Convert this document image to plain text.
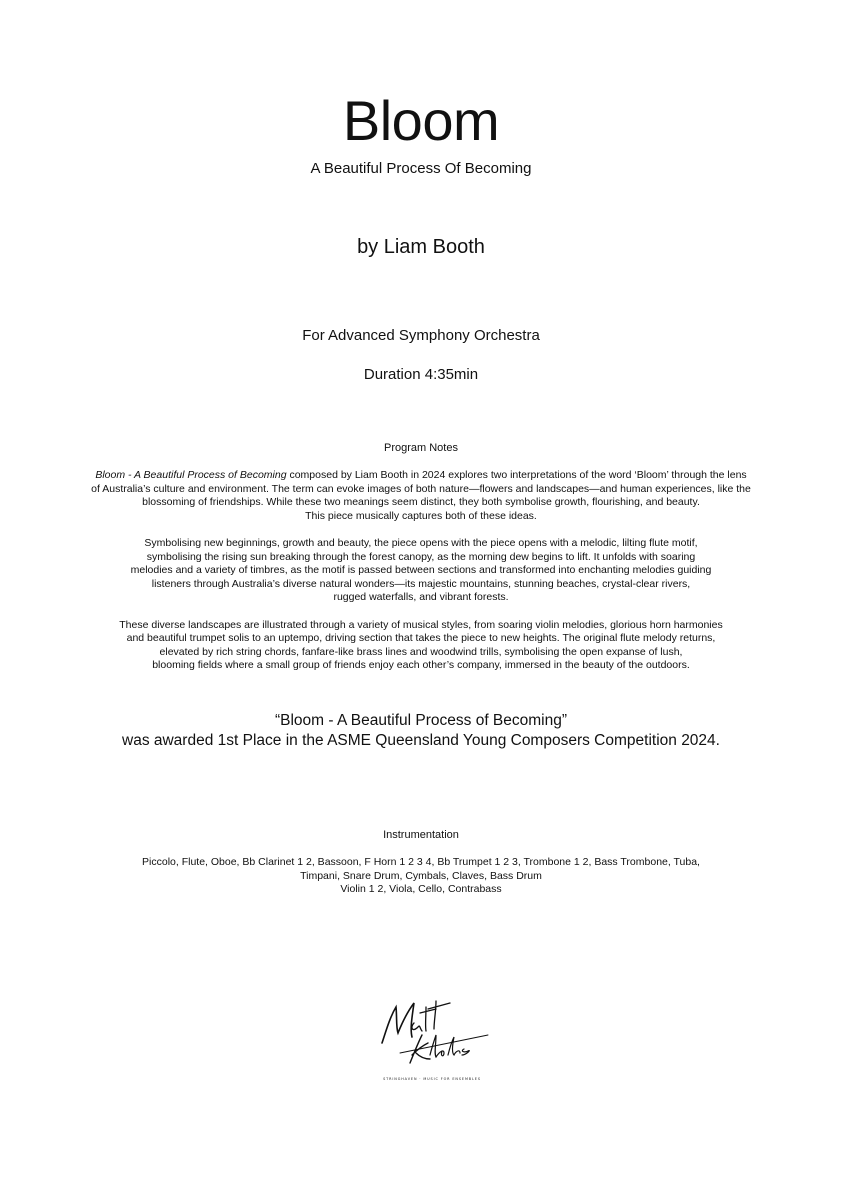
Bloom
A Beautiful Process Of Becoming
by Liam Booth
For Advanced Symphony Orchestra
Duration 4:35min
Program Notes

Bloom - A Beautiful Process of Becoming composed by Liam Booth in 2024 explores two interpretations of the word ‘Bloom’ through the lens
of Australia’s culture and environment. The term can evoke images of both nature—flowers and landscapes—and human experiences, like the
blossoming of friendships. While these two meanings seem distinct, they both symbolise growth, flourishing, and beauty.
This piece musically captures both of these ideas.

Symbolising new beginnings, growth and beauty, the piece opens with the piece opens with a melodic, lilting flute motif,
symbolising the rising sun breaking through the forest canopy, as the morning dew begins to lift. It unfolds with soaring
melodies and a variety of timbres, as the motif is passed between sections and transformed into enchanting melodies guiding
listeners through Australia’s diverse natural wonders—its majestic mountains, stunning beaches, crystal-clear rivers,
rugged waterfalls, and vibrant forests.

These diverse landscapes are illustrated through a variety of musical styles, from soaring violin melodies, glorious horn harmonies
and beautiful trumpet solis to an uptempo, driving section that takes the piece to new heights. The original flute melody returns,
elevated by rich string chords, fanfare-like brass lines and woodwind trills, symbolising the open expanse of lush,
blooming fields where a small group of friends enjoy each other’s company, immersed in the beauty of the outdoors.

“Bloom - A Beautiful Process of Becoming”
was awarded 1st Place in the ASME Queensland Young Composers Competition 2024.
Instrumentation
Piccolo, Flute, Oboe, Bb Clarinet 1 2, Bassoon, F Horn 1 2 3 4, Bb Trumpet 1 2 3, Trombone 1 2, Bass Trombone, Tuba,
Timpani, Snare Drum, Cymbals, Claves, Bass Drum
Violin 1 2, Viola, Cello, Contrabass
STRINGHAVEN · MUSIC FOR ENSEMBLES
